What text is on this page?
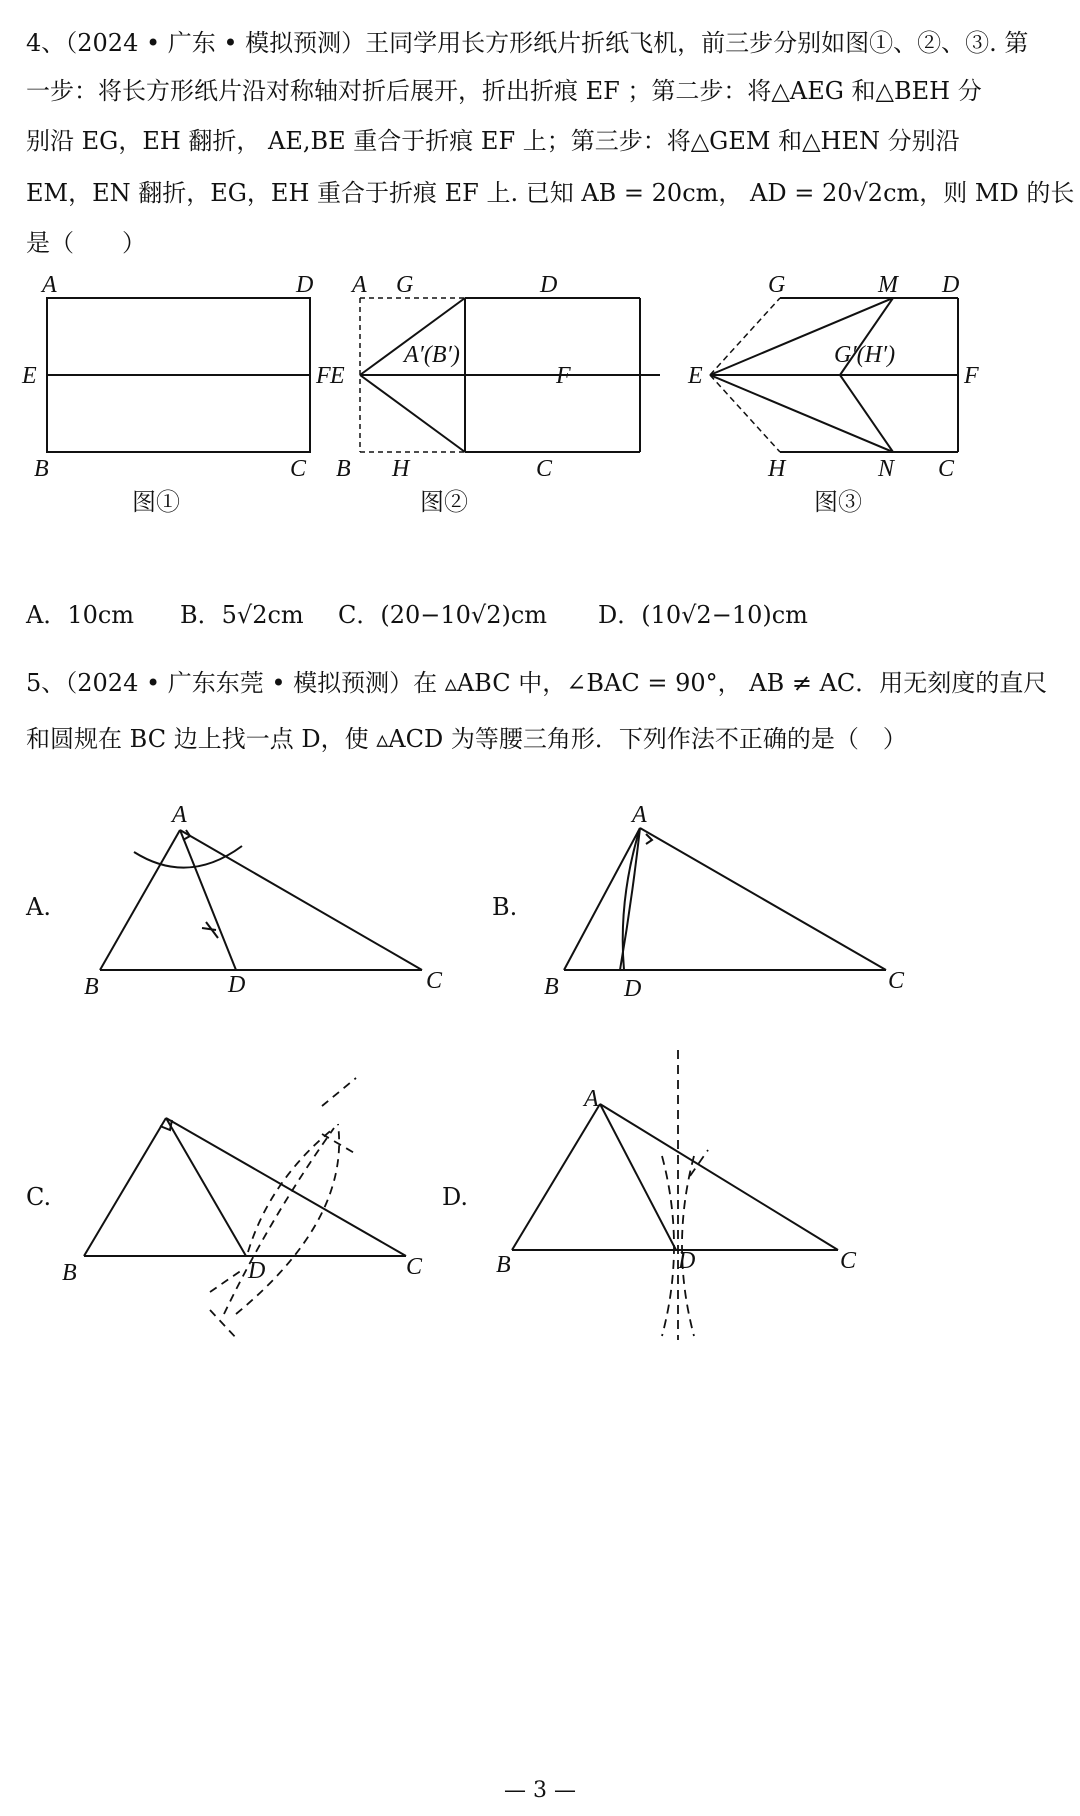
4、（2024 • 广东 • 模拟预测）王同学用长方形纸片折纸飞机，前三步分别如图①、②、③. 第
一步：将长方形纸片沿对称轴对折后展开，折出折痕 EF ；第二步：将△AEG 和△BEH 分
别沿 EG，EH 翻折， AE,BE 重合于折痕 EF 上；第三步：将△GEM 和△HEN 分别沿
EM，EN 翻折，EG，EH 重合于折痕 EF 上. 已知 AB = 20cm， AD = 20√2cm，则 MD 的长
是（　　）
A	D
E	F
B	C
图①
A G	D
E
A′(B′)
F
B H	C
图②
G	M D
E
G′(H′)
F
H	N C
图③
A．10cm B．5√2cm C．(20−10√2)cm D．(10√2−10)cm
5、（2024 • 广东东莞 • 模拟预测）在 ▵ABC 中，∠BAC = 90°， AB ≠ AC．用无刻度的直尺
和圆规在 BC 边上找一点 D，使 ▵ACD 为等腰三角形．下列作法不正确的是（　）
A.	B.
C.	D.
A
B	D	C
A
B	D	C
B	D	C
A
B	D	C
— 3 —
